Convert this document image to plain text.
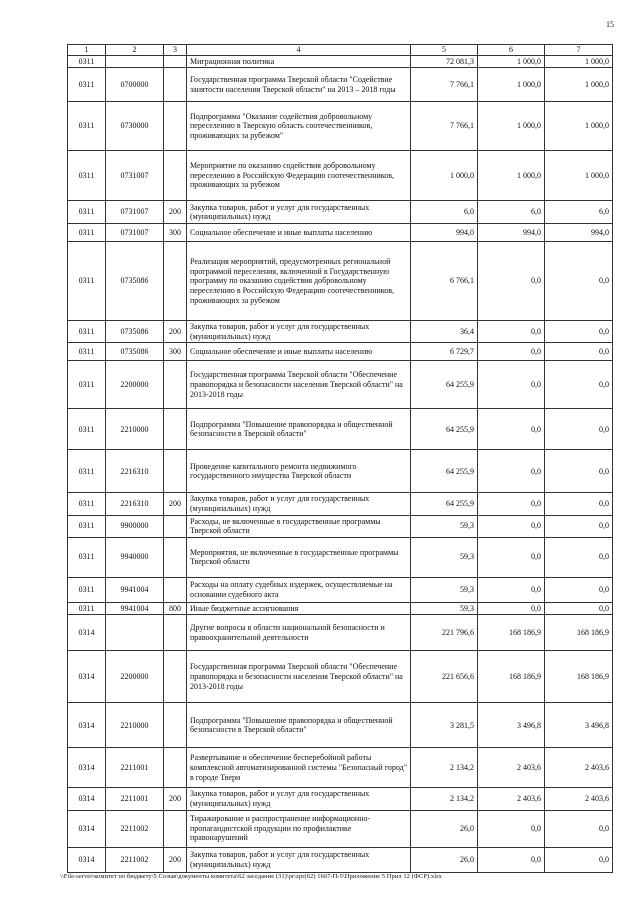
15
1	2	3	4	5	6	7
0311			Миграционная политика	72 081,3	1 000,0	1 000,0
0311	0700000		Государственная программа Тверской области "Содействие занятости населения Тверской области" на 2013 – 2018 годы	7 766,1	1 000,0	1 000,0
0311	0730000		Подпрограмма "Оказание содействия добровольному переселению в Тверскую область соотечественников, проживающих за рубежом"	7 766,1	1 000,0	1 000,0
0311	0731007		Мероприятие по оказанию содействия добровольному переселению в Российскую Федерацию соотечественников, проживающих за рубежом	1 000,0	1 000,0	1 000,0
0311	0731007	200	Закупка товаров, работ и услуг для государственных (муниципальных) нужд	6,0	6,0	6,0
0311	0731007	300	Социальное обеспечение и иные выплаты населению	994,0	994,0	994,0
0311	0735086		Реализация мероприятий, предусмотренных региональной программой переселения, включенной в Государственную программу по оказанию содействия добровольному переселению в Российскую Федерацию соотечественников, проживающих за рубежом	6 766,1	0,0	0,0
0311	0735086	200	Закупка товаров, работ и услуг для государственных (муниципальных) нужд	36,4	0,0	0,0
0311	0735086	300	Социальное обеспечение и иные выплаты населению	6 729,7	0,0	0,0
0311	2200000		Государственная программа Тверской области "Обеспечение правопорядка и безопасности населения Тверской области" на 2013-2018 годы	64 255,9	0,0	0,0
0311	2210000		Подпрограмма "Повышение правопорядка и общественной безопасности в Тверской области"	64 255,9	0,0	0,0
0311	2216310		Проведение капитального ремонта недвижимого государственного имущества Тверской области	64 255,9	0,0	0,0
0311	2216310	200	Закупка товаров, работ и услуг для государственных (муниципальных) нужд	64 255,9	0,0	0,0
0311	9900000		Расходы, не включенные в государственные программы Тверской области	59,3	0,0	0,0
0311	9940000		Мероприятия, не включенные в государственные программы Тверской области	59,3	0,0	0,0
0311	9941004		Расходы на оплату судебных издержек, осуществляемые на основании судебного акта	59,3	0,0	0,0
0311	9941004	800	Иные бюджетные ассигнования	59,3	0,0	0,0
0314			Другие вопросы в области национальной безопасности и правоохранительной деятельности	221 796,6	168 186,9	168 186,9
0314	2200000		Государственная программа Тверской области "Обеспечение правопорядка и безопасности населения Тверской области" на 2013-2018 годы	221 656,6	168 186,9	168 186,9
0314	2210000		Подпрограмма "Повышение правопорядка и общественной безопасности в Тверской области"	3 281,5	3 496,8	3 496,8
0314	2211001		Развертывание и обеспечение бесперебойной работы комплексной автоматизированной системы "Безопасный город" в городе Твери	2 134,2	2 403,6	2 403,6
0314	2211001	200	Закупка товаров, работ и услуг для государственных (муниципальных) нужд	2 134,2	2 403,6	2 403,6
0314	2211002		Тиражирование и распространение информационно-пропагандистской продукции по профилактике правонарушений	26,0	0,0	0,0
0314	2211002	200	Закупка товаров, работ и услуг для государственных (муниципальных) нужд	26,0	0,0	0,0
\\File-server\комитет по бюджету\5 Созыв\документы комитета\62 заседание (31)\pr\zpr(62) 1667-П-5\Приложение 5 Прил 12 (ФСР).xlsx
